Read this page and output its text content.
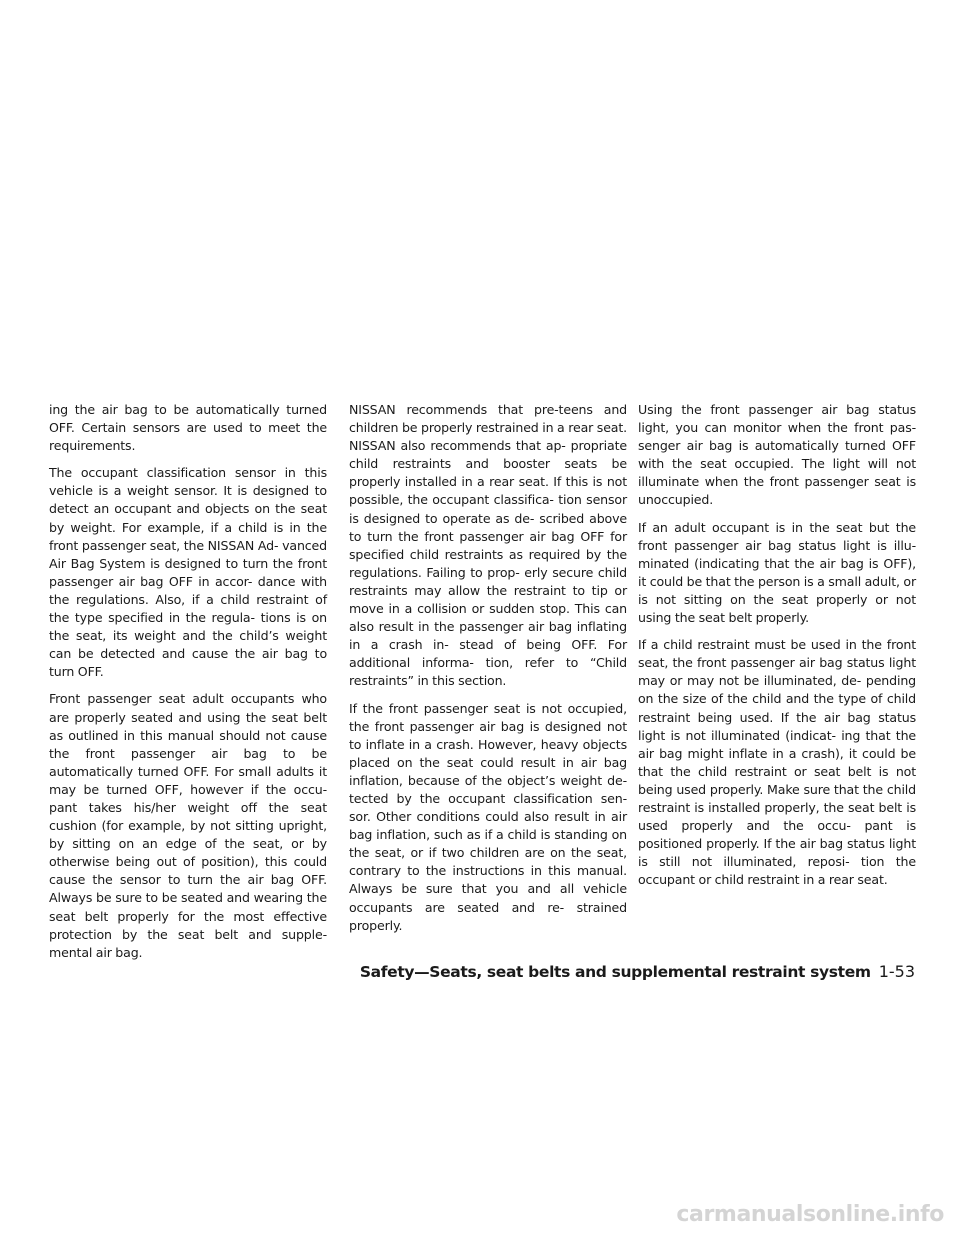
ing the air bag to be automatically turned OFF. Certain sensors are used to meet the requirements.

The occupant classification sensor in this vehicle is a weight sensor. It is designed to detect an occupant and objects on the seat by weight. For example, if a child is in the front passenger seat, the NISSAN Ad- vanced Air Bag System is designed to turn the front passenger air bag OFF in accor- dance with the regulations. Also, if a child restraint of the type specified in the regula- tions is on the seat, its weight and the child’s weight can be detected and cause the air bag to turn OFF.

Front passenger seat adult occupants who are properly seated and using the seat belt as outlined in this manual should not cause the front passenger air bag to be automatically turned OFF. For small adults it may be turned OFF, however if the occu- pant takes his/her weight off the seat cushion (for example, by not sitting upright, by sitting on an edge of the seat, or by otherwise being out of position), this could cause the sensor to turn the air bag OFF. Always be sure to be seated and wearing the seat belt properly for the most effective protection by the seat belt and supple- mental air bag.

NISSAN recommends that pre-teens and children be properly restrained in a rear seat. NISSAN also recommends that ap- propriate child restraints and booster seats be properly installed in a rear seat. If this is not possible, the occupant classifica- tion sensor is designed to operate as de- scribed above to turn the front passenger air bag OFF for specified child restraints as required by the regulations. Failing to prop- erly secure child restraints may allow the restraint to tip or move in a collision or sudden stop. This can also result in the passenger air bag inflating in a crash in- stead of being OFF. For additional informa- tion, refer to “Child restraints” in this section.

If the front passenger seat is not occupied, the front passenger air bag is designed not to inflate in a crash. However, heavy objects placed on the seat could result in air bag inflation, because of the object’s weight de- tected by the occupant classification sen- sor. Other conditions could also result in air bag inflation, such as if a child is standing on the seat, or if two children are on the seat, contrary to the instructions in this manual. Always be sure that you and all vehicle occupants are seated and re- strained properly.

Using the front passenger air bag status light, you can monitor when the front pas- senger air bag is automatically turned OFF with the seat occupied. The light will not illuminate when the front passenger seat is unoccupied.

If an adult occupant is in the seat but the front passenger air bag status light is illu- minated (indicating that the air bag is OFF), it could be that the person is a small adult, or is not sitting on the seat properly or not using the seat belt properly.

If a child restraint must be used in the front seat, the front passenger air bag status light may or may not be illuminated, de- pending on the size of the child and the type of child restraint being used. If the air bag status light is not illuminated (indicat- ing that the air bag might inflate in a crash), it could be that the child restraint or seat belt is not being used properly. Make sure that the child restraint is installed properly, the seat belt is used properly and the occu- pant is positioned properly. If the air bag status light is still not illuminated, reposi- tion the occupant or child restraint in a rear seat.

Safety—Seats, seat belts and supplemental restraint system 1-53
carmanualsonline.info
